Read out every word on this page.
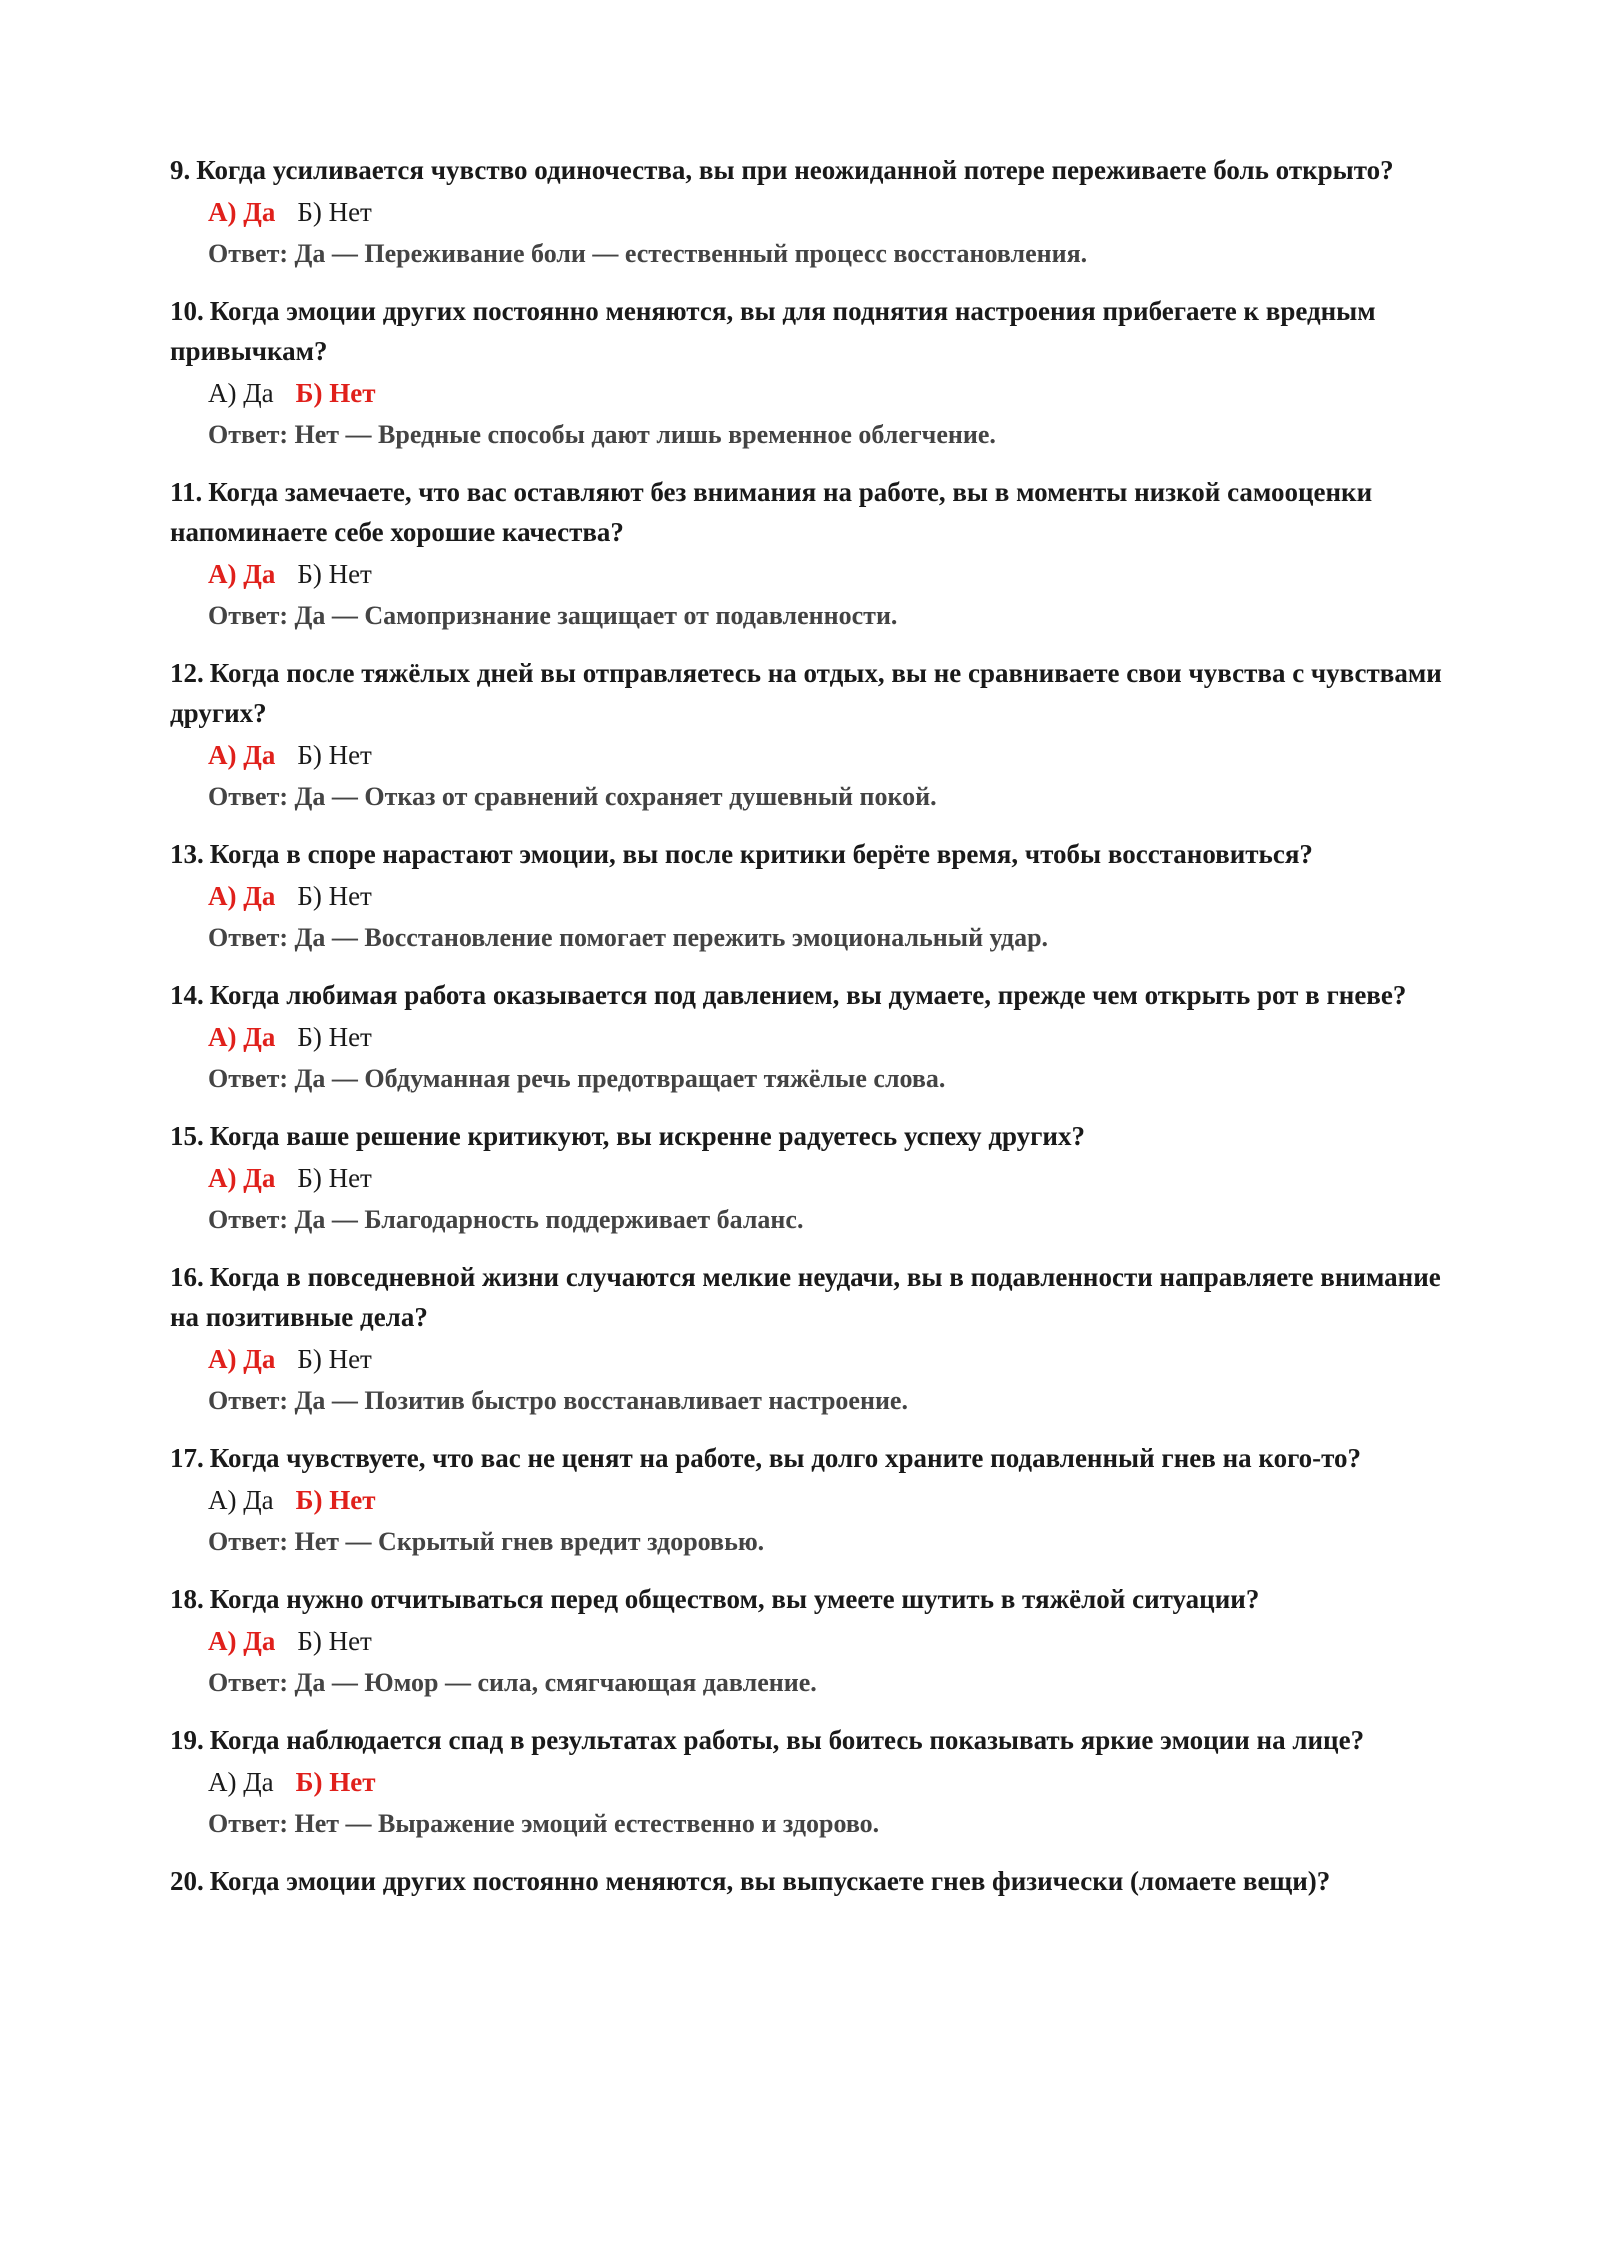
9. Когда усиливается чувство одиночества, вы при неожиданной потере переживаете боль открыто?

А) Да Б) Нет
Ответ: Да — Переживание боли — естественный процесс восстановления.

10. Когда эмоции других постоянно меняются, вы для поднятия настроения прибегаете к вредным привычкам?

А) Да Б) Нет
Ответ: Нет — Вредные способы дают лишь временное облегчение.

11. Когда замечаете, что вас оставляют без внимания на работе, вы в моменты низкой самооценки напоминаете себе хорошие качества?

А) Да Б) Нет
Ответ: Да — Самопризнание защищает от подавленности.

12. Когда после тяжёлых дней вы отправляетесь на отдых, вы не сравниваете свои чувства с чувствами других?

А) Да Б) Нет
Ответ: Да — Отказ от сравнений сохраняет душевный покой.

13. Когда в споре нарастают эмоции, вы после критики берёте время, чтобы восстановиться?

А) Да Б) Нет
Ответ: Да — Восстановление помогает пережить эмоциональный удар.

14. Когда любимая работа оказывается под давлением, вы думаете, прежде чем открыть рот в гневе?

А) Да Б) Нет
Ответ: Да — Обдуманная речь предотвращает тяжёлые слова.

15. Когда ваше решение критикуют, вы искренне радуетесь успеху других?

А) Да Б) Нет
Ответ: Да — Благодарность поддерживает баланс.

16. Когда в повседневной жизни случаются мелкие неудачи, вы в подавленности направляете внимание на позитивные дела?

А) Да Б) Нет
Ответ: Да — Позитив быстро восстанавливает настроение.

17. Когда чувствуете, что вас не ценят на работе, вы долго храните подавленный гнев на кого-то?

А) Да Б) Нет
Ответ: Нет — Скрытый гнев вредит здоровью.

18. Когда нужно отчитываться перед обществом, вы умеете шутить в тяжёлой ситуации?

А) Да Б) Нет
Ответ: Да — Юмор — сила, смягчающая давление.

19. Когда наблюдается спад в результатах работы, вы боитесь показывать яркие эмоции на лице?

А) Да Б) Нет
Ответ: Нет — Выражение эмоций естественно и здорово.

20. Когда эмоции других постоянно меняются, вы выпускаете гнев физически (ломаете вещи)?
